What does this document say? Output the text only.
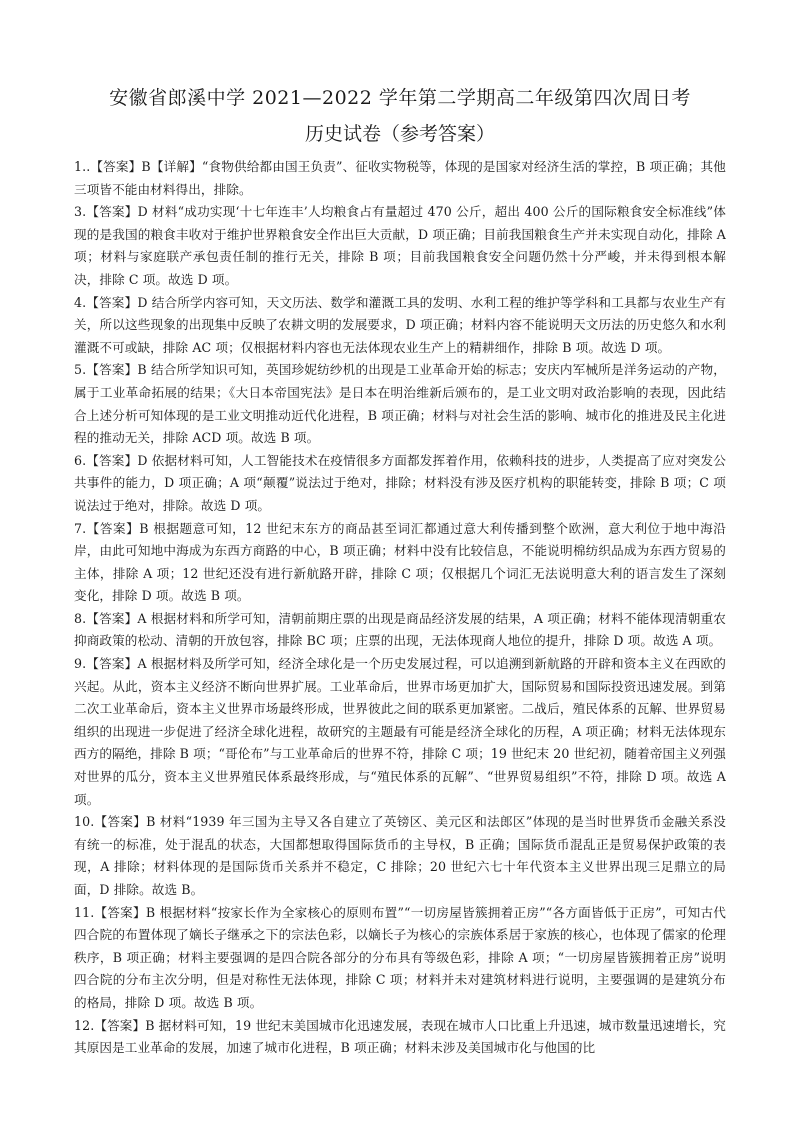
安徽省郎溪中学 2021—2022 学年第二学期高二年级第四次周日考
历史试卷（参考答案）

1..【答案】B【详解】“食物供给都由国王负责”、征收实物税等，体现的是国家对经济生活的掌控，B 项正确；其他三项皆不能由材料得出，排除。

3.【答案】D 材料“成功实现‘十七年连丰’人均粮食占有量超过 470 公斤，超出 400 公斤的国际粮食安全标准线”体现的是我国的粮食丰收对于维护世界粮食安全作出巨大贡献，D 项正确；目前我国粮食生产并未实现自动化，排除 A 项；材料与家庭联产承包责任制的推行无关，排除 B 项；目前我国粮食安全问题仍然十分严峻，并未得到根本解决，排除 C 项。故选 D 项。

4.【答案】D 结合所学内容可知，天文历法、数学和灌溉工具的发明、水利工程的维护等学科和工具都与农业生产有关，所以这些现象的出现集中反映了农耕文明的发展要求，D 项正确；材料内容不能说明天文历法的历史悠久和水利灌溉不可或缺，排除 AC 项；仅根据材料内容也无法体现农业生产上的精耕细作，排除 B 项。故选 D 项。

5.【答案】B 结合所学知识可知，英国珍妮纺纱机的出现是工业革命开始的标志；安庆内军械所是洋务运动的产物，属于工业革命拓展的结果；《大日本帝国宪法》是日本在明治维新后颁布的，是工业文明对政治影响的表现，因此结合上述分析可知体现的是工业文明推动近代化进程，B 项正确；材料与对社会生活的影响、城市化的推进及民主化进程的推动无关，排除 ACD 项。故选 B 项。

6.【答案】D 依据材料可知，人工智能技术在疫情很多方面都发挥着作用，依赖科技的进步，人类提高了应对突发公共事件的能力，D 项正确；A 项“颠覆”说法过于绝对，排除；材料没有涉及医疗机构的职能转变，排除 B 项；C 项说法过于绝对，排除。故选 D 项。

7.【答案】B 根据题意可知，12 世纪末东方的商品甚至词汇都通过意大利传播到整个欧洲，意大利位于地中海沿岸，由此可知地中海成为东西方商路的中心，B 项正确；材料中没有比较信息，不能说明棉纺织品成为东西方贸易的主体，排除 A 项；12 世纪还没有进行新航路开辟，排除 C 项；仅根据几个词汇无法说明意大利的语言发生了深刻变化，排除 D 项。故选 B 项。

8.【答案】A 根据材料和所学可知，清朝前期庄票的出现是商品经济发展的结果，A 项正确；材料不能体现清朝重农抑商政策的松动、清朝的开放包容，排除 BC 项；庄票的出现，无法体现商人地位的提升，排除 D 项。故选 A 项。

9.【答案】A 根据材料及所学可知，经济全球化是一个历史发展过程，可以追溯到新航路的开辟和资本主义在西欧的兴起。从此，资本主义经济不断向世界扩展。工业革命后，世界市场更加扩大，国际贸易和国际投资迅速发展。到第二次工业革命后，资本主义世界市场最终形成，世界彼此之间的联系更加紧密。二战后，殖民体系的瓦解、世界贸易组织的出现进一步促进了经济全球化进程，故研究的主题最有可能是经济全球化的历程，A 项正确；材料无法体现东西方的隔绝，排除 B 项；“哥伦布”与工业革命后的世界不符，排除 C 项；19 世纪末 20 世纪初，随着帝国主义列强对世界的瓜分，资本主义世界殖民体系最终形成，与“殖民体系的瓦解”、“世界贸易组织”不符，排除 D 项。故选 A 项。

10.【答案】B 材料“1939 年三国为主导又各自建立了英镑区、美元区和法郎区”体现的是当时世界货币金融关系没有统一的标准，处于混乱的状态，大国都想取得国际货币的主导权，B 正确；国际货币混乱正是贸易保护政策的表现，A 排除；材料体现的是国际货币关系并不稳定，C 排除；20 世纪六七十年代资本主义世界出现三足鼎立的局面，D 排除。故选 B。

11.【答案】B 根据材料“按家长作为全家核心的原则布置”“一切房屋皆簇拥着正房”“各方面皆低于正房”，可知古代四合院的布置体现了嫡长子继承之下的宗法色彩，以嫡长子为核心的宗族体系居于家族的核心，也体现了儒家的伦理秩序，B 项正确；材料主要强调的是四合院各部分的分布具有等级色彩，排除 A 项；“一切房屋皆簇拥着正房”说明四合院的分布主次分明，但是对称性无法体现，排除 C 项；材料并未对建筑材料进行说明，主要强调的是建筑分布的格局，排除 D 项。故选 B 项。

12.【答案】B 据材料可知，19 世纪末美国城市化迅速发展，表现在城市人口比重上升迅速，城市数量迅速增长，究其原因是工业革命的发展，加速了城市化进程，B 项正确；材料未涉及美国城市化与他国的比
